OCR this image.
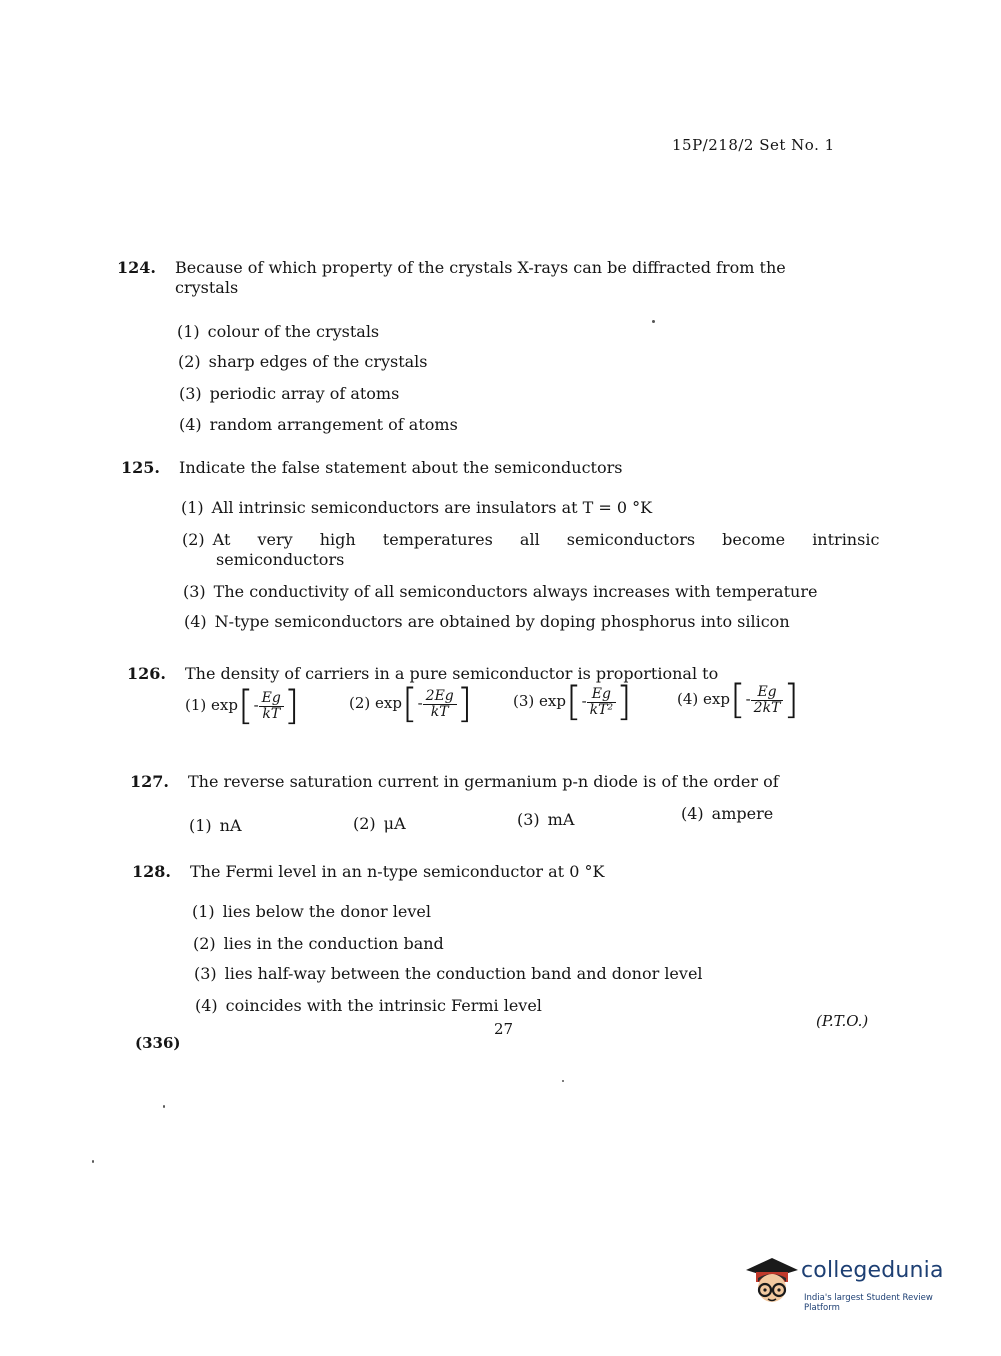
15P/218/2 Set No. 1
124. Because of which property of the crystals X-rays can be diffracted from the
crystals
(1) colour of the crystals
(2) sharp edges of the crystals
(3) periodic array of atoms
(4) random arrangement of atoms
125. Indicate the false statement about the semiconductors
(1) All intrinsic semiconductors are insulators at T = 0 °K
(2) At very high temperatures all semiconductors become intrinsic
semiconductors
(3) The conductivity of all semiconductors always increases with temperature
(4) N-type semiconductors are obtained by doping phosphorus into silicon
126. The density of carriers in a pure semiconductor is proportional to
(1) $\exp[- \frac{Eg}{kT}$ ]	(2) $\exp[- \frac{2Eg}{kT}$ ]	(3) $\exp[- \frac{Eg}{\text{kT²}}$ ]	(4) $\exp[- \frac{Eg}{2kT}$ ]
127. The reverse saturation current in germanium p-n diode is of the order of
(1) nA	(2) μA	(3) mA	(4) ampere
128. The Fermi level in an n-type semiconductor at 0 °K
(1) lies below the donor level
(2) lies in the conduction band
(3) lies half-way between the conduction band and donor level
(4) coincides with the intrinsic Fermi level
27	(P.T.O.)
(336)
collegedunia
India's largest Student Review Platform
